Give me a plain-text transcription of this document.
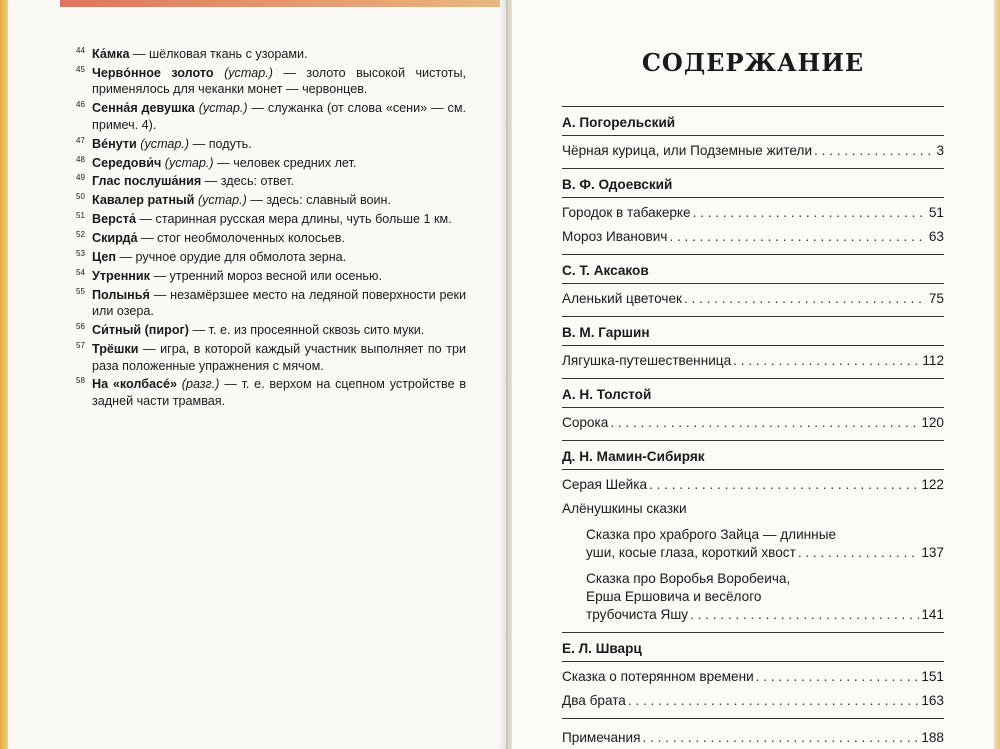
44 Ка́мка — шёлковая ткань с узорами.
45 Червóнное золото (устар.) — золото высокой чистоты, применялось для чеканки монет — червонцев.
46 Сенна́я девушка (устар.) — служанка (от слова «сени» — см. примеч. 4).
47 Вéнути (устар.) — подуть.
48 Середови́ч (устар.) — человек средних лет.
49 Глас послуша́ния — здесь: ответ.
50 Кавалер ратный (устар.) — здесь: славный воин.
51 Верста́ — старинная русская мера длины, чуть больше 1 км.
52 Скирда́ — стог необмолоченных колосьев.
53 Цеп — ручное орудие для обмолота зерна.
54 Утренник — утренний мороз весной или осенью.
55 Полынья́ — незамёрзшее место на ледяной поверхности реки или озера.
56 Си́тный (пирог) — т. е. из просеянной сквозь сито муки.
57 Трёшки — игра, в которой каждый участник выполняет по три раза положенные упражнения с мячом.
58 На «колбасé» (разг.) — т. е. верхом на сцепном устройстве в задней части трамвая.
СОДЕРЖАНИЕ
А. Погорельский
Чёрная курица, или Подземные жители . . .	3
В. Ф. Одоевский
Городок в табакерке . . .	51
Мороз Иванович . . .	63
С. Т. Аксаков
Аленький цветочек . . .	75
В. М. Гаршин
Лягушка-путешественница . . .	112
А. Н. Толстой
Сорока . . .	120
Д. Н. Мамин-Сибиряк
Серая Шейка . . .	122
Алёнушкины сказки
Сказка про храброго Зайца — длинные
уши, косые глаза, короткий хвост . . .	137
Сказка про Воробья Воробеича,
Ерша Ершовича и весёлого
трубочиста Яшу . . .	141
Е. Л. Шварц
Сказка о потерянном времени . . .	151
Два брата . . .	163
Примечания . . .	188
